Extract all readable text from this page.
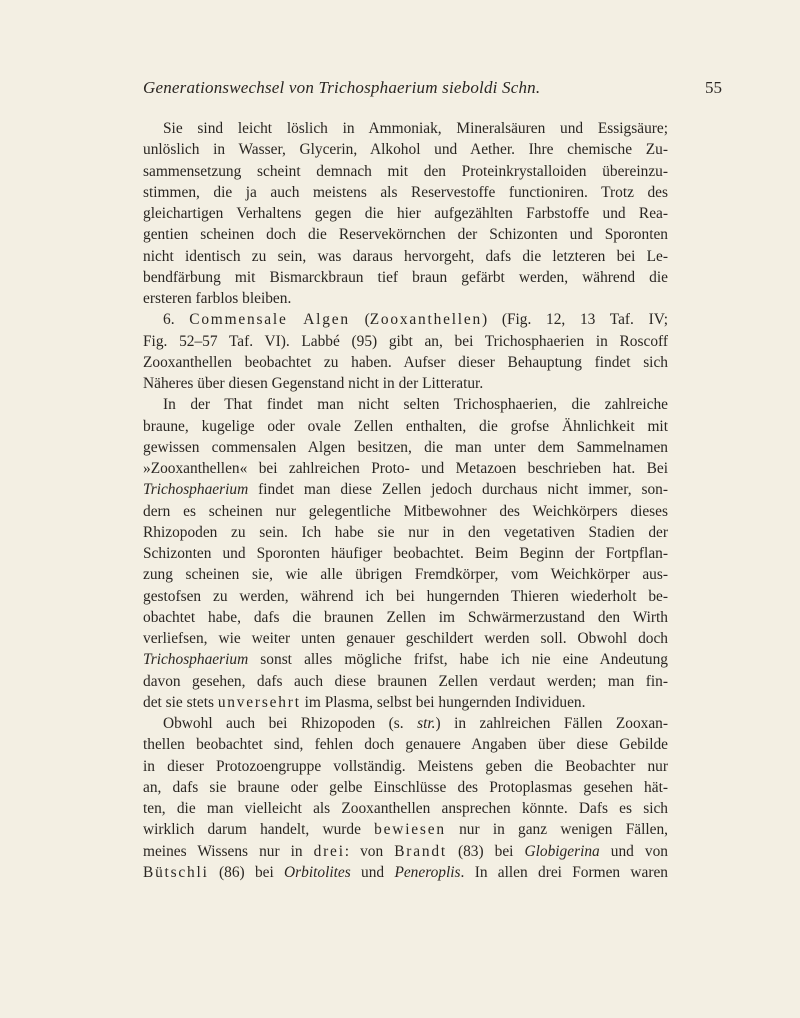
Generationswechsel von Trichosphaerium sieboldi Schn.	55
Sie sind leicht löslich in Ammoniak, Mineralsäuren und Essigsäure;
unlöslich in Wasser, Glycerin, Alkohol und Aether. Ihre chemische Zu-
sammensetzung scheint demnach mit den Proteinkrystalloiden übereinzu-
stimmen, die ja auch meistens als Reservestoffe functioniren. Trotz des
gleichartigen Verhaltens gegen die hier aufgezählten Farbstoffe und Rea-
gentien scheinen doch die Reservekörnchen der Schizonten und Sporonten
nicht identisch zu sein, was daraus hervorgeht, dafs die letzteren bei Le-
bendfärbung mit Bismarckbraun tief braun gefärbt werden, während die
ersteren farblos bleiben.
6. Commensale Algen (Zooxanthellen) (Fig. 12, 13 Taf. IV;
Fig. 52–57 Taf. VI). Labbé (95) gibt an, bei Trichosphaerien in Roscoff
Zooxanthellen beobachtet zu haben. Aufser dieser Behauptung findet sich
Näheres über diesen Gegenstand nicht in der Litteratur.
In der That findet man nicht selten Trichosphaerien, die zahlreiche
braune, kugelige oder ovale Zellen enthalten, die grofse Ähnlichkeit mit
gewissen commensalen Algen besitzen, die man unter dem Sammelnamen
»Zooxanthellen« bei zahlreichen Proto- und Metazoen beschrieben hat. Bei
Trichosphaerium findet man diese Zellen jedoch durchaus nicht immer, son-
dern es scheinen nur gelegentliche Mitbewohner des Weichkörpers dieses
Rhizopoden zu sein. Ich habe sie nur in den vegetativen Stadien der
Schizonten und Sporonten häufiger beobachtet. Beim Beginn der Fortpflan-
zung scheinen sie, wie alle übrigen Fremdkörper, vom Weichkörper aus-
gestofsen zu werden, während ich bei hungernden Thieren wiederholt be-
obachtet habe, dafs die braunen Zellen im Schwärmerzustand den Wirth
verliefsen, wie weiter unten genauer geschildert werden soll. Obwohl doch
Trichosphaerium sonst alles mögliche frifst, habe ich nie eine Andeutung
davon gesehen, dafs auch diese braunen Zellen verdaut werden; man fin-
det sie stets unversehrt im Plasma, selbst bei hungernden Individuen.
Obwohl auch bei Rhizopoden (s. str.) in zahlreichen Fällen Zooxan-
thellen beobachtet sind, fehlen doch genauere Angaben über diese Gebilde
in dieser Protozoengruppe vollständig. Meistens geben die Beobachter nur
an, dafs sie braune oder gelbe Einschlüsse des Protoplasmas gesehen hät-
ten, die man vielleicht als Zooxanthellen ansprechen könnte. Dafs es sich
wirklich darum handelt, wurde bewiesen nur in ganz wenigen Fällen,
meines Wissens nur in drei: von Brandt (83) bei Globigerina und von
Bütschli (86) bei Orbitolites und Peneroplis. In allen drei Formen waren
